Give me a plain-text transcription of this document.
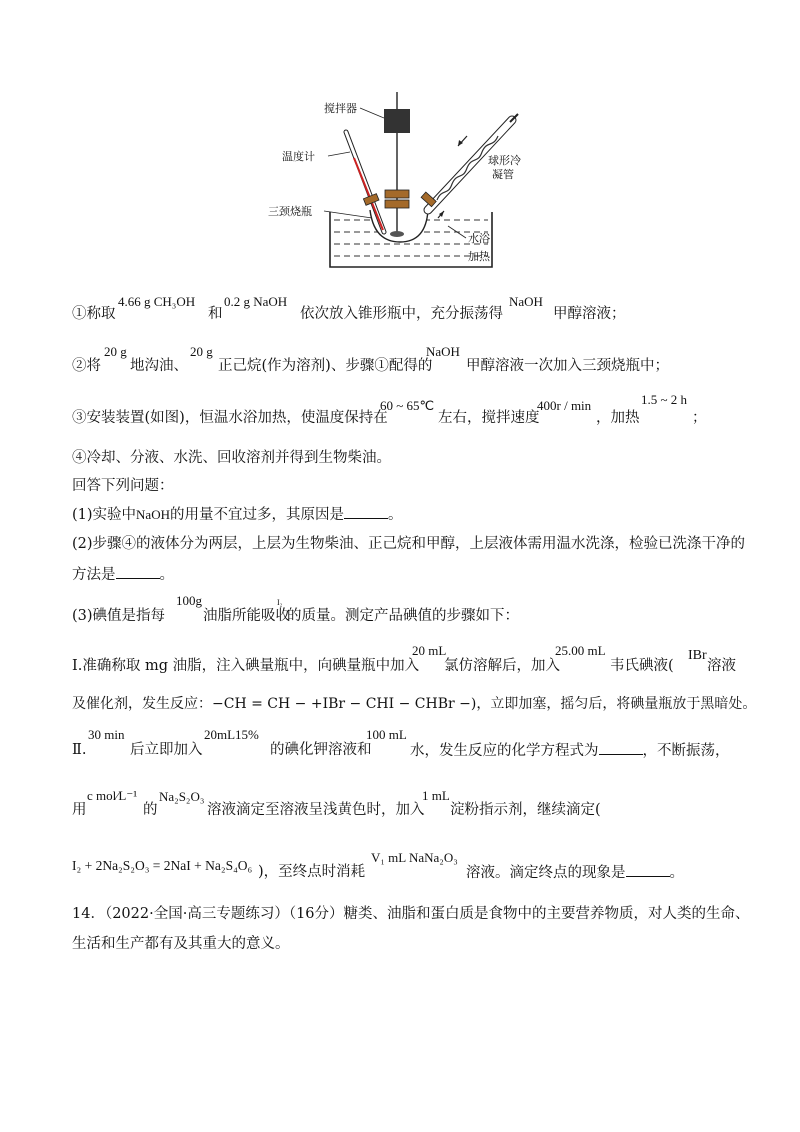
搅拌器
温度计	球形冷
凝管
三颈烧瓶
水浴
加热
①称取
4.66 g CH₃OH
和
0.2 g NaOH
依次放入锥形瓶中，充分振荡得
NaOH
甲醇溶液；
②将
20 g
地沟油、
20 g
正己烷(作为溶剂)、步骤①配得的
NaOH
甲醇溶液一次加入三颈烧瓶中；
③安装装置(如图)，恒温水浴加热，使温度保持在
60 ~ 65℃
左右，搅拌速度
400r / min
，加热
1.5 ~ 2 h
；
④冷却、分液、水洗、回收溶剂并得到生物柴油。
回答下列问题：
(1)实验中NaOH的用量不宜过多，其原因是	。
(2)步骤④的液体分为两层，上层为生物柴油、正己烷和甲醇，上层液体需用温水洗涤，检验已洗涤干净的
方法是	。
(3)碘值是指每
100g
油脂所能吸收
I₂
的质量。测定产品碘值的步骤如下：
Ⅰ.准确称取 mg 油脂，注入碘量瓶中，向碘量瓶中加入
20 mL
氯仿溶解后，加入
25.00 mL
韦氏碘液(
IBr
溶液
及催化剂，发生反应：−CH = CH − +IBr − CHI − CHBr −)，立即加塞，摇匀后，将碘量瓶放于黑暗处。
Ⅱ.
30 min
后立即加入
20mL15%
的碘化钾溶液和
100 mL
水，发生反应的化学方程式为	，不断振荡，
用
c mol⁄L⁻¹
的
Na₂S₂O₃
溶液滴定至溶液呈浅黄色时，加入
1 mL
淀粉指示剂，继续滴定(
I₂ + 2Na₂S₂O₃ = 2NaI + Na₂S₄O₆ )，至终点时消耗
V₁ mL NaNa₂O₃
溶液。滴定终点的现象是	。
14．（2022·全国·高三专题练习）（16分）糖类、油脂和蛋白质是食物中的主要营养物质，对人类的生命、
生活和生产都有及其重大的意义。
